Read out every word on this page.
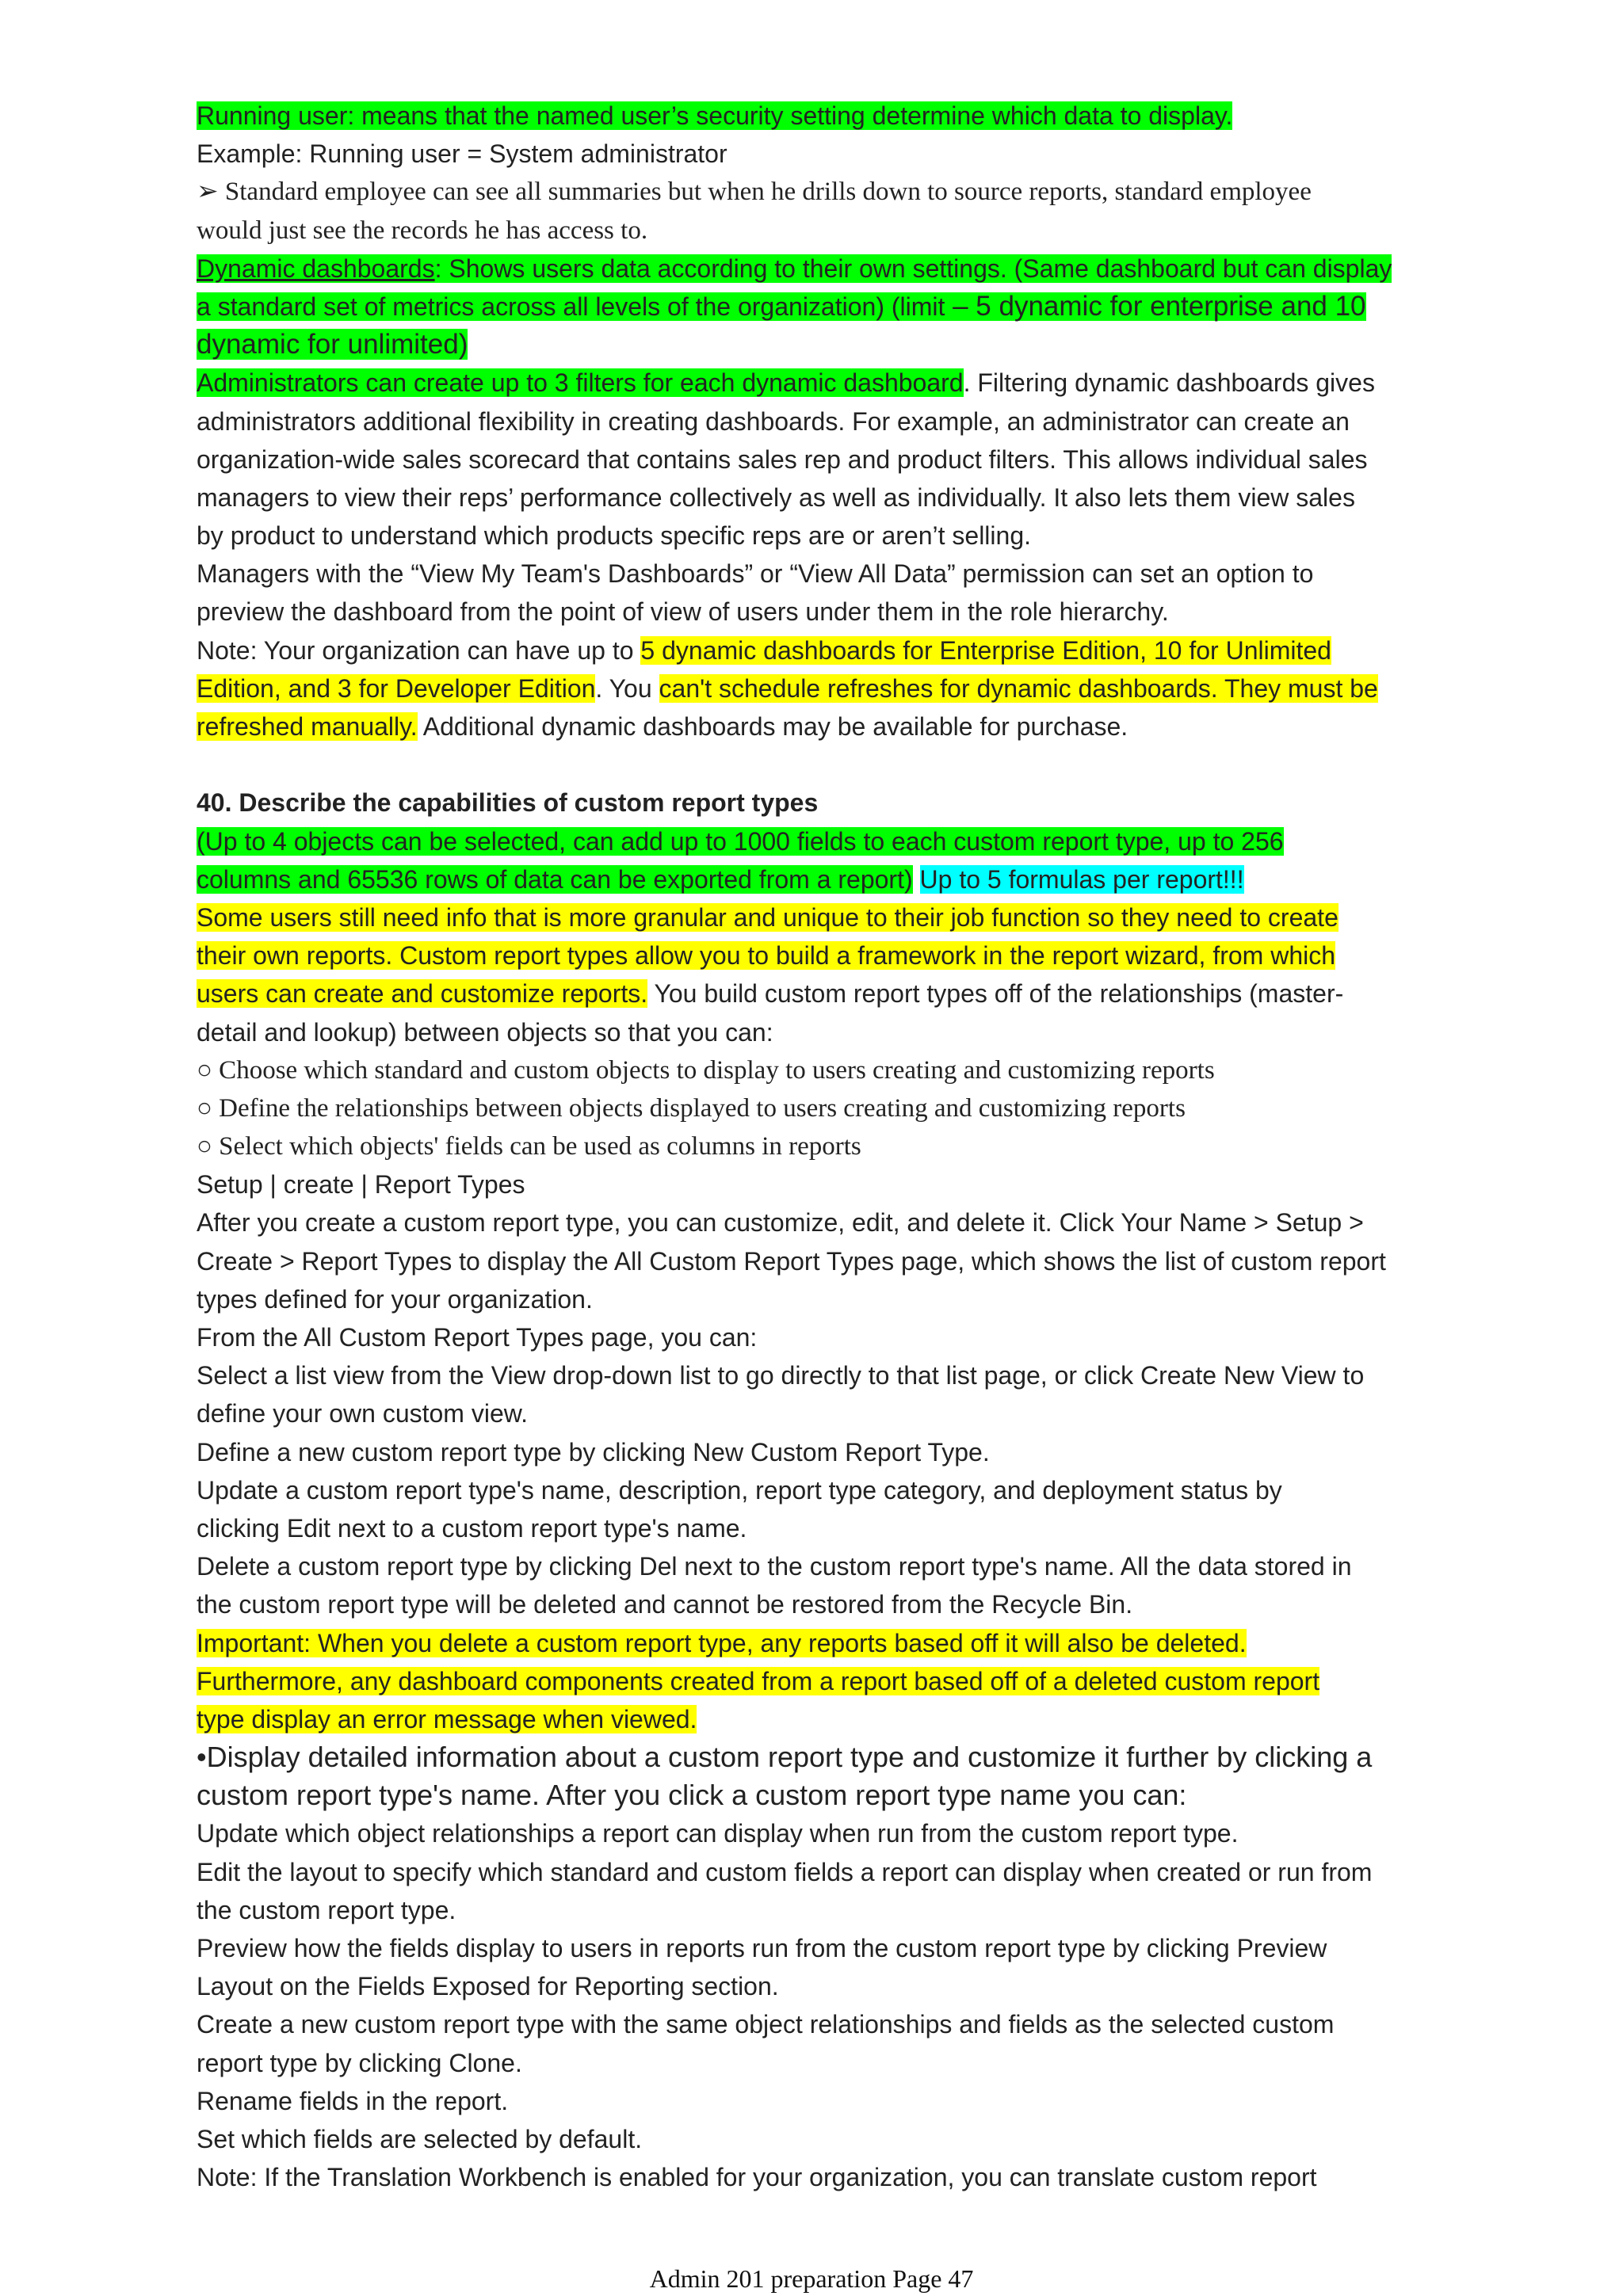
Running user: means that the named user’s security setting determine which data to display.
Example: Running user = System administrator
➢ Standard employee can see all summaries but when he drills down to source reports, standard employee
would just see the records he has access to.
Dynamic dashboards: Shows users data according to their own settings. (Same dashboard but can display
a standard set of metrics across all levels of the organization) (limit – 5 dynamic for enterprise and 10
dynamic for unlimited)
Administrators can create up to 3 filters for each dynamic dashboard. Filtering dynamic dashboards gives
administrators additional flexibility in creating dashboards. For example, an administrator can create an
organization-wide sales scorecard that contains sales rep and product filters. This allows individual sales
managers to view their reps’ performance collectively as well as individually. It also lets them view sales
by product to understand which products specific reps are or aren’t selling.
Managers with the “View My Team's Dashboards” or “View All Data” permission can set an option to
preview the dashboard from the point of view of users under them in the role hierarchy.
Note: Your organization can have up to 5 dynamic dashboards for Enterprise Edition, 10 for Unlimited
Edition, and 3 for Developer Edition. You can't schedule refreshes for dynamic dashboards. They must be
refreshed manually. Additional dynamic dashboards may be available for purchase.
40. Describe the capabilities of custom report types
(Up to 4 objects can be selected, can add up to 1000 fields to each custom report type, up to 256
columns and 65536 rows of data can be exported from a report) Up to 5 formulas per report!!!
Some users still need info that is more granular and unique to their job function so they need to create
their own reports. Custom report types allow you to build a framework in the report wizard, from which
users can create and customize reports. You build custom report types off of the relationships (master-
detail and lookup) between objects so that you can:
○ Choose which standard and custom objects to display to users creating and customizing reports
○ Define the relationships between objects displayed to users creating and customizing reports
○ Select which objects' fields can be used as columns in reports
Setup | create | Report Types
After you create a custom report type, you can customize, edit, and delete it. Click Your Name > Setup >
Create > Report Types to display the All Custom Report Types page, which shows the list of custom report
types defined for your organization.
From the All Custom Report Types page, you can:
Select a list view from the View drop-down list to go directly to that list page, or click Create New View to
define your own custom view.
Define a new custom report type by clicking New Custom Report Type.
Update a custom report type's name, description, report type category, and deployment status by
clicking Edit next to a custom report type's name.
Delete a custom report type by clicking Del next to the custom report type's name. All the data stored in
the custom report type will be deleted and cannot be restored from the Recycle Bin.
Important: When you delete a custom report type, any reports based off it will also be deleted.
Furthermore, any dashboard components created from a report based off of a deleted custom report
type display an error message when viewed.
•Display detailed information about a custom report type and customize it further by clicking a
custom report type's name. After you click a custom report type name you can:
Update which object relationships a report can display when run from the custom report type.
Edit the layout to specify which standard and custom fields a report can display when created or run from
the custom report type.
Preview how the fields display to users in reports run from the custom report type by clicking Preview
Layout on the Fields Exposed for Reporting section.
Create a new custom report type with the same object relationships and fields as the selected custom
report type by clicking Clone.
Rename fields in the report.
Set which fields are selected by default.
Note: If the Translation Workbench is enabled for your organization, you can translate custom report
Admin 201 preparation Page 47
